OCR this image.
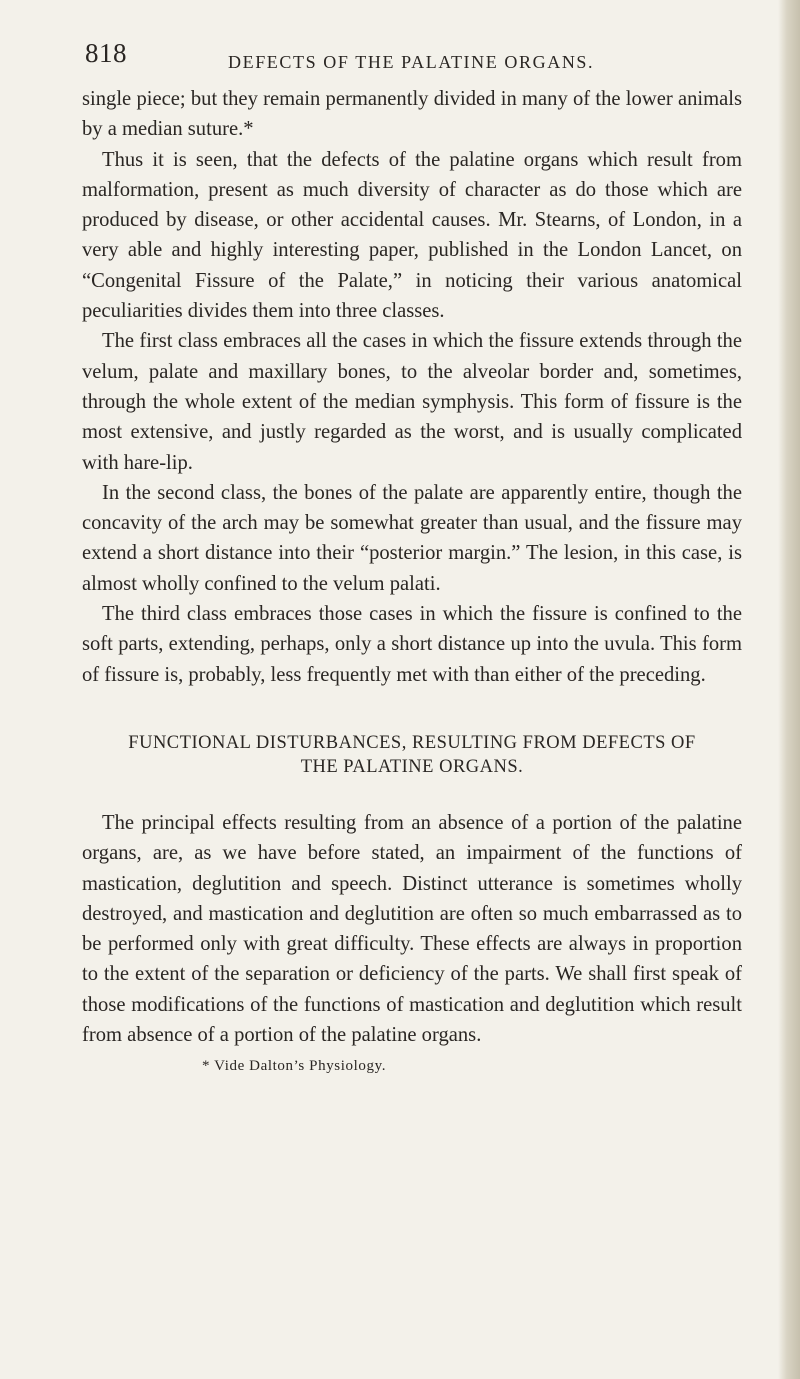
818	DEFECTS OF THE PALATINE ORGANS.

single piece; but they remain permanently divided in many of the lower animals by a median suture.*

Thus it is seen, that the defects of the palatine organs which result from malformation, present as much diversity of character as do those which are produced by disease, or other accidental causes. Mr. Stearns, of London, in a very able and highly interesting paper, published in the London Lancet, on “Congenital Fissure of the Palate,” in noticing their various anatomical peculiarities divides them into three classes.

The first class embraces all the cases in which the fissure extends through the velum, palate and maxillary bones, to the alveolar border and, sometimes, through the whole extent of the median symphysis. This form of fissure is the most extensive, and justly regarded as the worst, and is usually complicated with hare-lip.

In the second class, the bones of the palate are apparently entire, though the concavity of the arch may be somewhat greater than usual, and the fissure may extend a short distance into their “posterior margin.” The lesion, in this case, is almost wholly confined to the velum palati.

The third class embraces those cases in which the fissure is confined to the soft parts, extending, perhaps, only a short distance up into the uvula. This form of fissure is, probably, less frequently met with than either of the preceding.

FUNCTIONAL DISTURBANCES, RESULTING FROM DEFECTS OF
THE PALATINE ORGANS.

The principal effects resulting from an absence of a portion of the palatine organs, are, as we have before stated, an impairment of the functions of mastication, deglutition and speech. Distinct utterance is sometimes wholly destroyed, and mastication and deglutition are often so much embarrassed as to be performed only with great difficulty. These effects are always in proportion to the extent of the separation or deficiency of the parts. We shall first speak of those modifications of the functions of mastication and deglutition which result from absence of a portion of the palatine organs.

* Vide Dalton’s Physiology.
